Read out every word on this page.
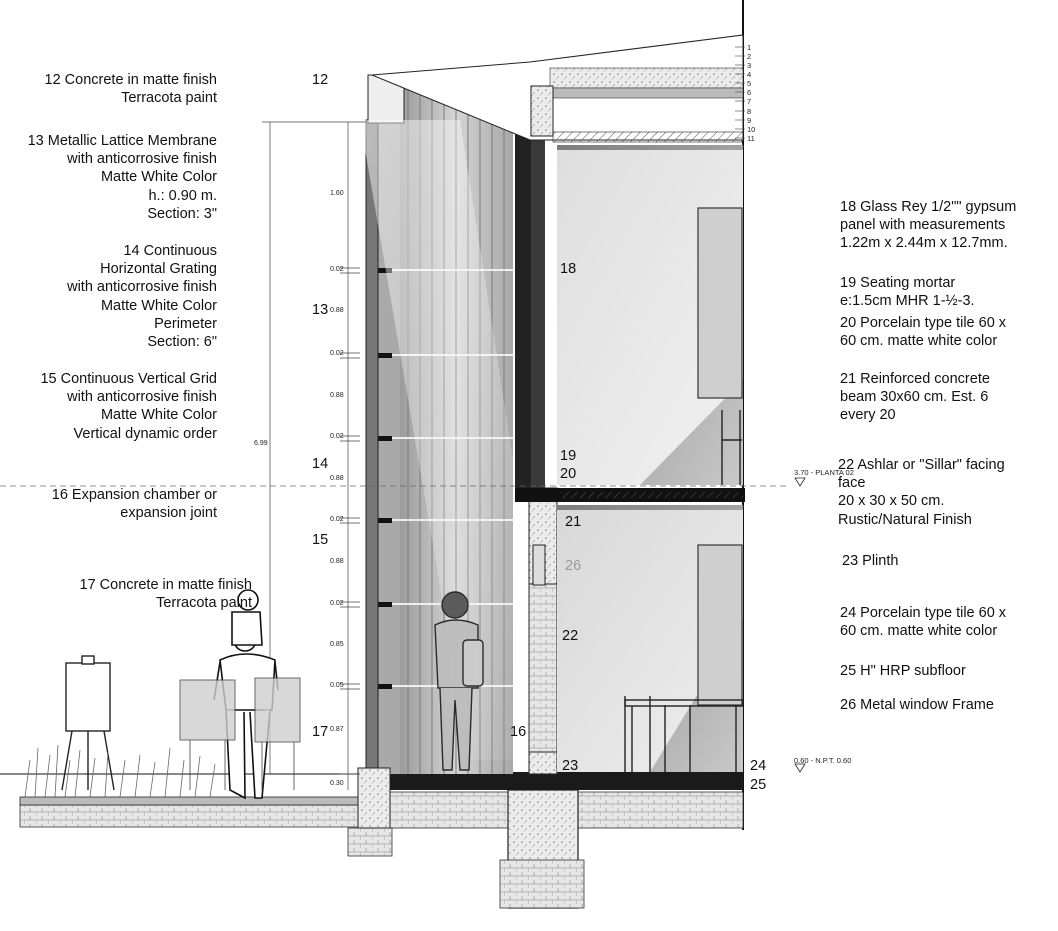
12 Concrete in matte finish
Terracota paint
13 Metallic Lattice Membrane
with anticorrosive finish
Matte White Color
h.: 0.90 m.
Section: 3"
14 Continuous
Horizontal Grating
with anticorrosive finish
Matte White Color
Perimeter
Section: 6"
15 Continuous Vertical Grid
with anticorrosive finish
Matte White Color
Vertical dynamic order
16 Expansion chamber or
expansion joint
17 Concrete in matte finish
Terracota paint
18 Glass Rey 1/2"" gypsum
panel with measurements
1.22m x 2.44m x 12.7mm.
19 Seating mortar
e:1.5cm MHR 1-½-3.
20 Porcelain type tile 60 x
60 cm. matte white color
21 Reinforced concrete
beam 30x60 cm. Est. 6
every 20
22 Ashlar or "Sillar" facing
face
20 x 30 x 50 cm.
Rustic/Natural Finish
23 Plinth
24 Porcelain type tile 60 x
60 cm. matte white color
25 H" HRP subfloor
26 Metal window Frame
12
13
14
15
17	16
18
19
20
21
26
22
23	24
25
1
2
3
4
5
6
7
8
9
10
11
1.60
0.02
0.88
0.02
0.88
0.02
0.88
0.02
0.88
0.02
0.85
0.05
0.87
0.30
6.99
3.70 - PLANTA 02
0.60 - N.P.T. 0.60
